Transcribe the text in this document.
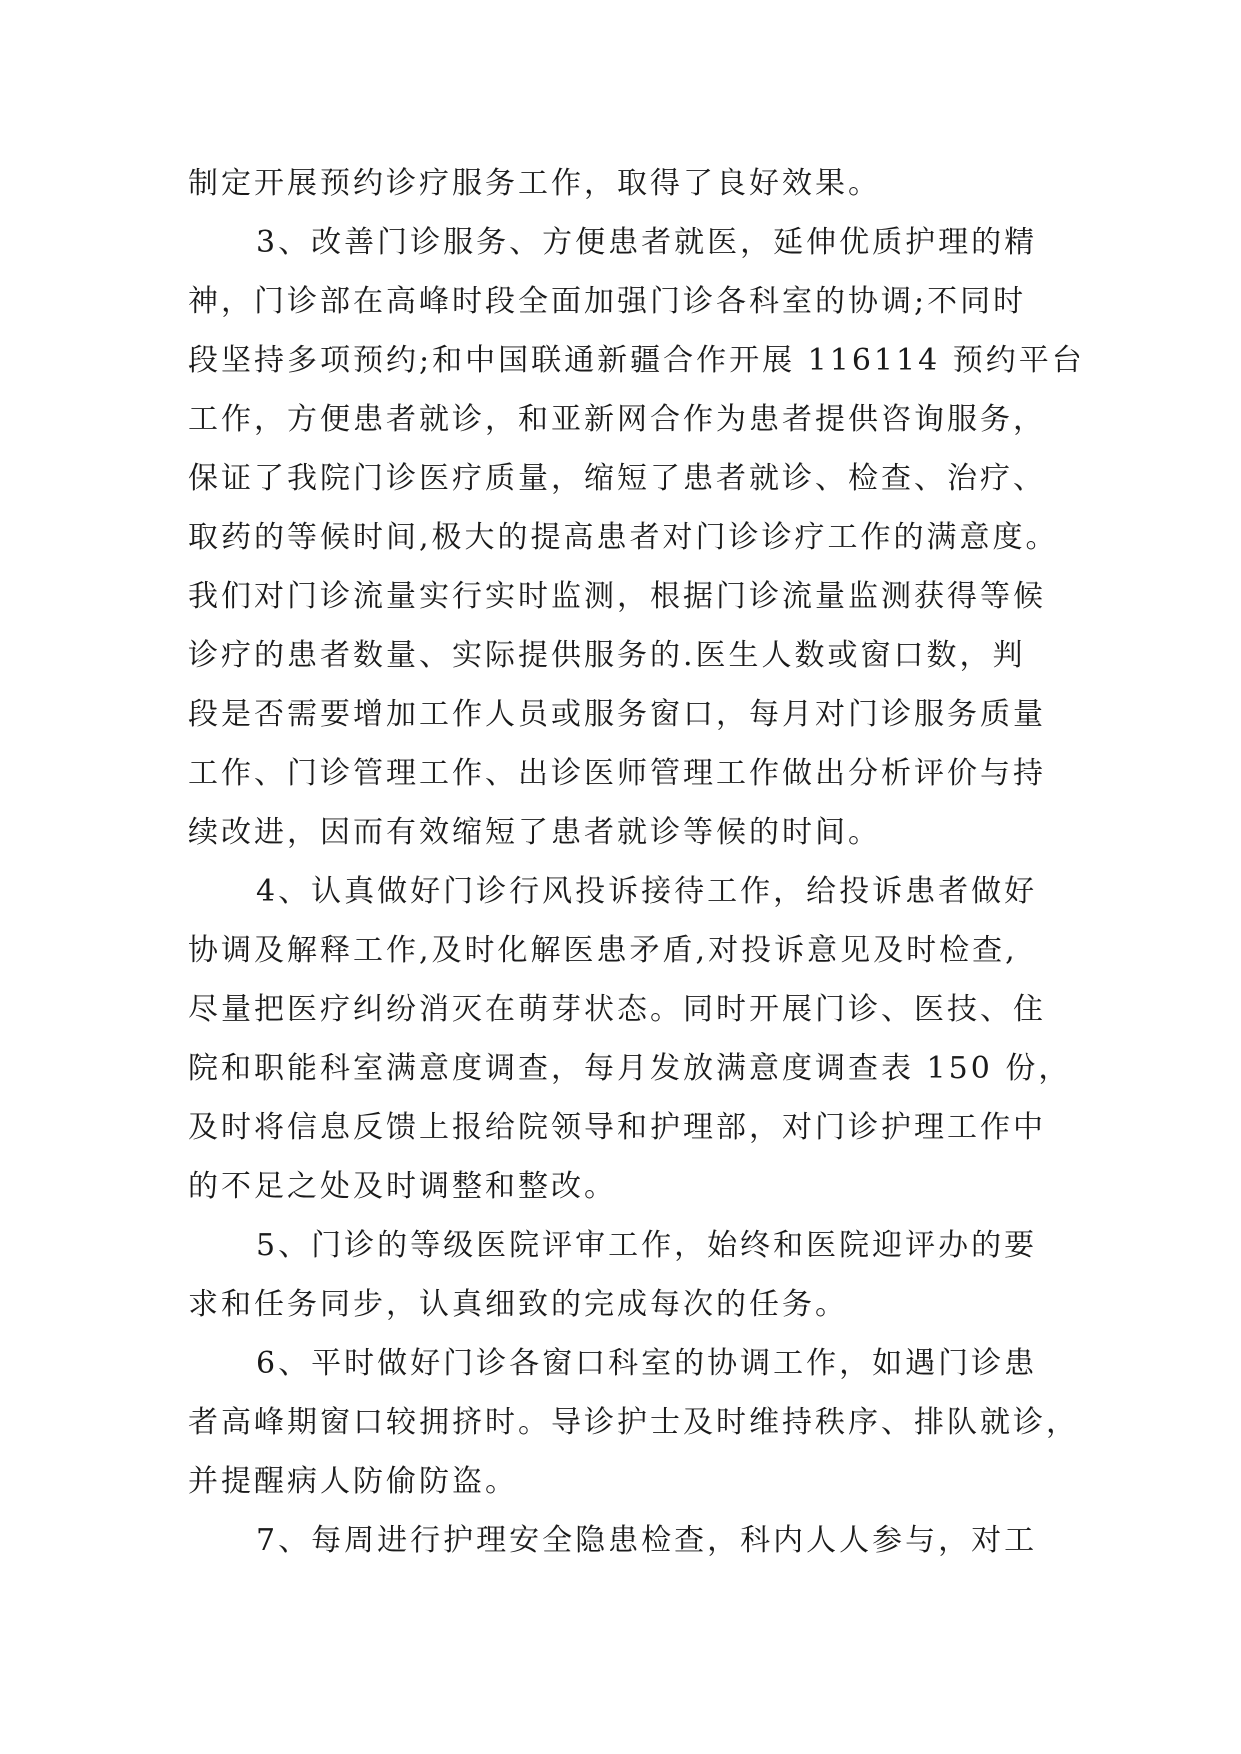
制定开展预约诊疗服务工作，取得了良好效果。
3、改善门诊服务、方便患者就医，延伸优质护理的精
神，门诊部在高峰时段全面加强门诊各科室的协调;不同时
段坚持多项预约;和中国联通新疆合作开展 116114 预约平台
工作，方便患者就诊，和亚新网合作为患者提供咨询服务，
保证了我院门诊医疗质量，缩短了患者就诊、检查、治疗、
取药的等候时间,极大的提高患者对门诊诊疗工作的满意度。
我们对门诊流量实行实时监测，根据门诊流量监测获得等候
诊疗的患者数量、实际提供服务的.医生人数或窗口数，判
段是否需要增加工作人员或服务窗口，每月对门诊服务质量
工作、门诊管理工作、出诊医师管理工作做出分析评价与持
续改进，因而有效缩短了患者就诊等候的时间。
4、认真做好门诊行风投诉接待工作，给投诉患者做好
协调及解释工作,及时化解医患矛盾,对投诉意见及时检查,
尽量把医疗纠纷消灭在萌芽状态。同时开展门诊、医技、住
院和职能科室满意度调查，每月发放满意度调查表 150 份，
及时将信息反馈上报给院领导和护理部，对门诊护理工作中
的不足之处及时调整和整改。
5、门诊的等级医院评审工作，始终和医院迎评办的要
求和任务同步，认真细致的完成每次的任务。
6、平时做好门诊各窗口科室的协调工作，如遇门诊患
者高峰期窗口较拥挤时。导诊护士及时维持秩序、排队就诊，
并提醒病人防偷防盗。
7、每周进行护理安全隐患检查，科内人人参与，对工
